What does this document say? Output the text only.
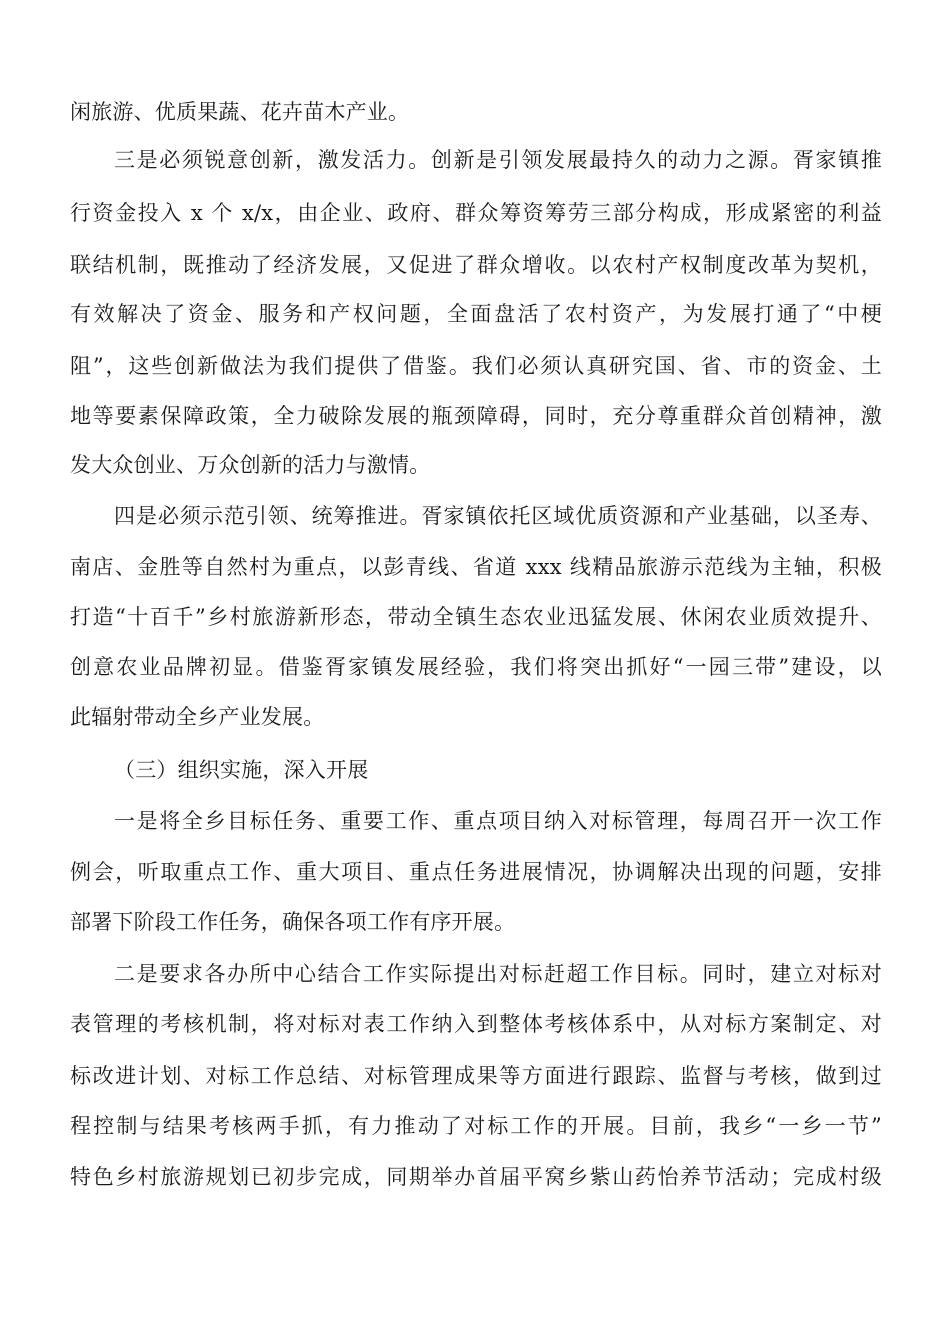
闲旅游、优质果蔬、花卉苗木产业。
三是必须锐意创新，激发活力。创新是引领发展最持久的动力之源。胥家镇推
行资金投入 x 个 x/x，由企业、政府、群众筹资筹劳三部分构成，形成紧密的利益
联结机制，既推动了经济发展，又促进了群众增收。以农村产权制度改革为契机，
有效解决了资金、服务和产权问题，全面盘活了农村资产，为发展打通了“中梗
阻”，这些创新做法为我们提供了借鉴。我们必须认真研究国、省、市的资金、土
地等要素保障政策，全力破除发展的瓶颈障碍，同时，充分尊重群众首创精神，激
发大众创业、万众创新的活力与激情。
四是必须示范引领、统筹推进。胥家镇依托区域优质资源和产业基础，以圣寿、
南店、金胜等自然村为重点，以彭青线、省道 xxx 线精品旅游示范线为主轴，积极
打造“十百千”乡村旅游新形态，带动全镇生态农业迅猛发展、休闲农业质效提升、
创意农业品牌初显。借鉴胥家镇发展经验，我们将突出抓好“一园三带”建设，以
此辐射带动全乡产业发展。
（三）组织实施，深入开展
一是将全乡目标任务、重要工作、重点项目纳入对标管理，每周召开一次工作
例会，听取重点工作、重大项目、重点任务进展情况，协调解决出现的问题，安排
部署下阶段工作任务，确保各项工作有序开展。
二是要求各办所中心结合工作实际提出对标赶超工作目标。同时，建立对标对
表管理的考核机制，将对标对表工作纳入到整体考核体系中，从对标方案制定、对
标改进计划、对标工作总结、对标管理成果等方面进行跟踪、监督与考核，做到过
程控制与结果考核两手抓，有力推动了对标工作的开展。目前，我乡“一乡一节”
特色乡村旅游规划已初步完成，同期举办首届平窝乡紫山药怡养节活动；完成村级
